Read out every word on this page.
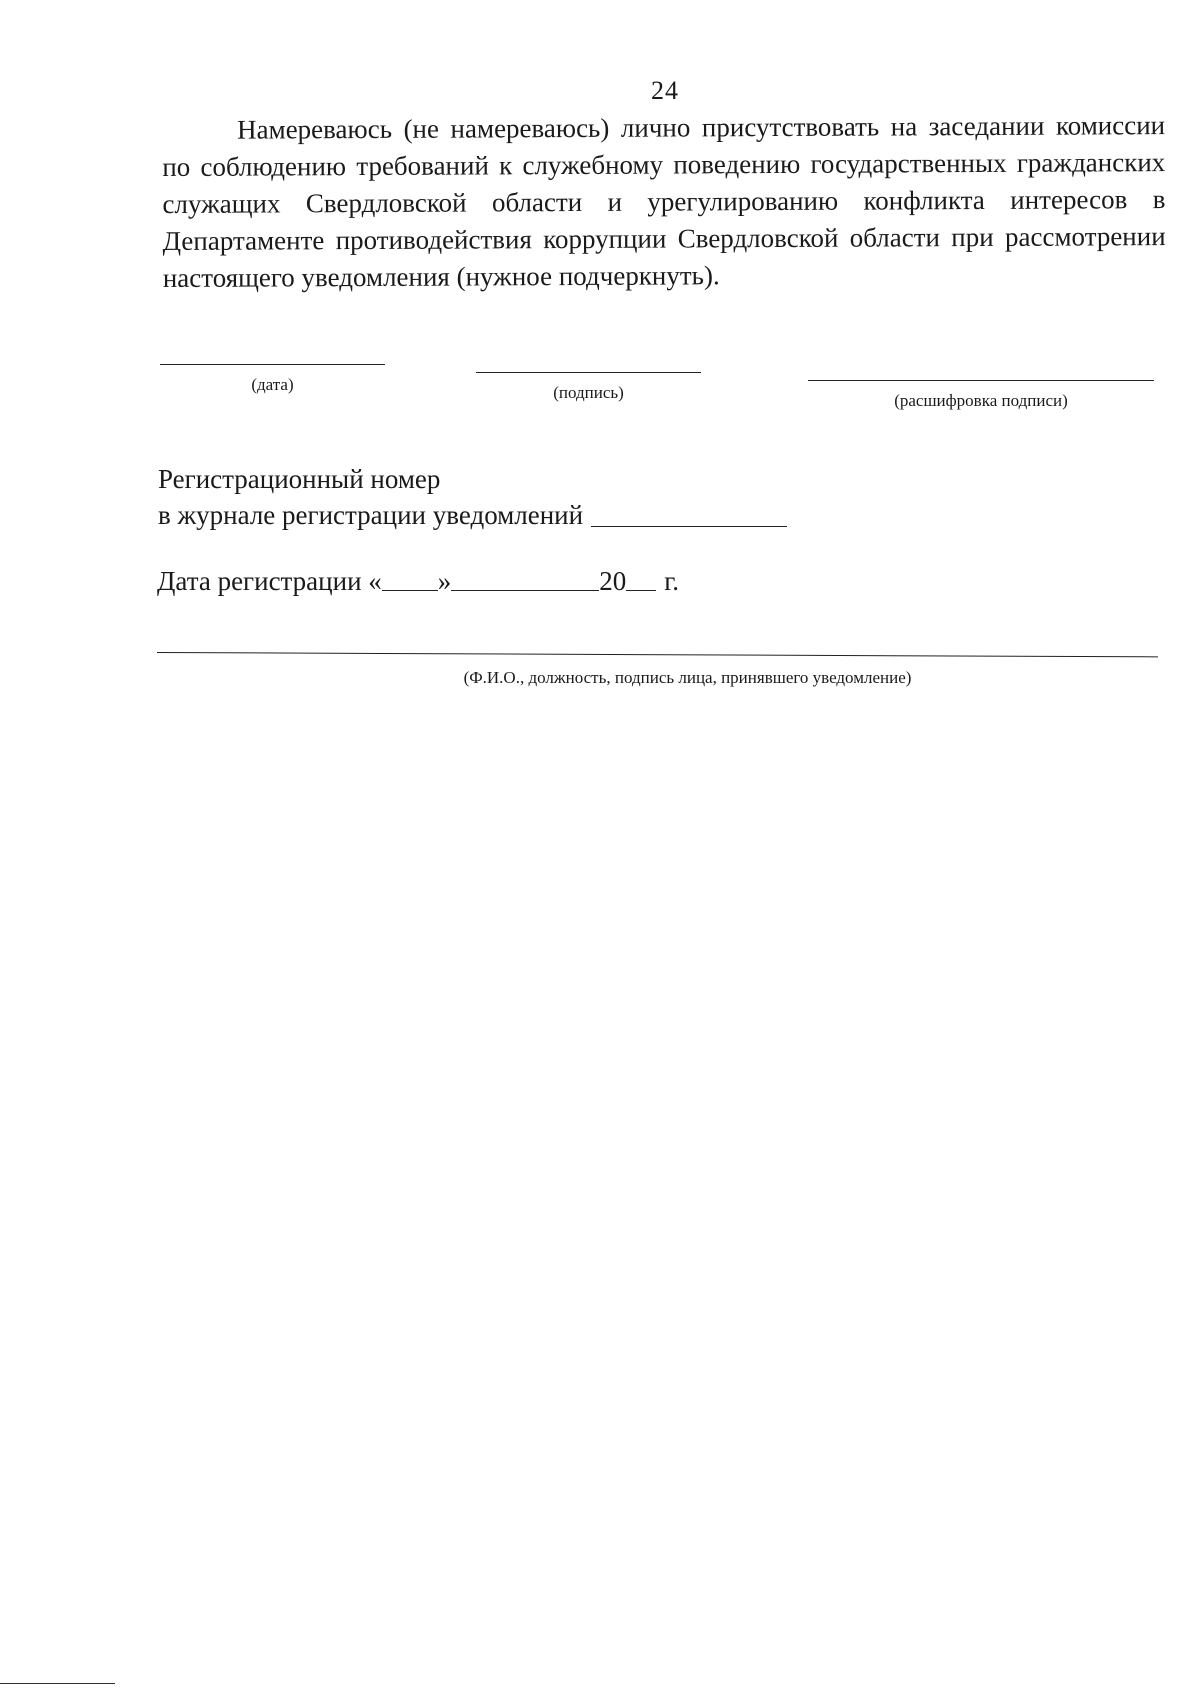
24

Намереваюсь (не намереваюсь) лично присутствовать на заседании комиссии по соблюдению требований к служебному поведению государственных гражданских служащих Свердловской области и урегулированию конфликта интересов в Департаменте противодействия коррупции Свердловской области при рассмотрении настоящего уведомления (нужное подчеркнуть).

(дата)	(подпись)	(расшифровка подписи)
Регистрационный номер
в журнале регистрации уведомлений
Дата регистрации « »	20 г.
(Ф.И.О., должность, подпись лица, принявшего уведомление)
